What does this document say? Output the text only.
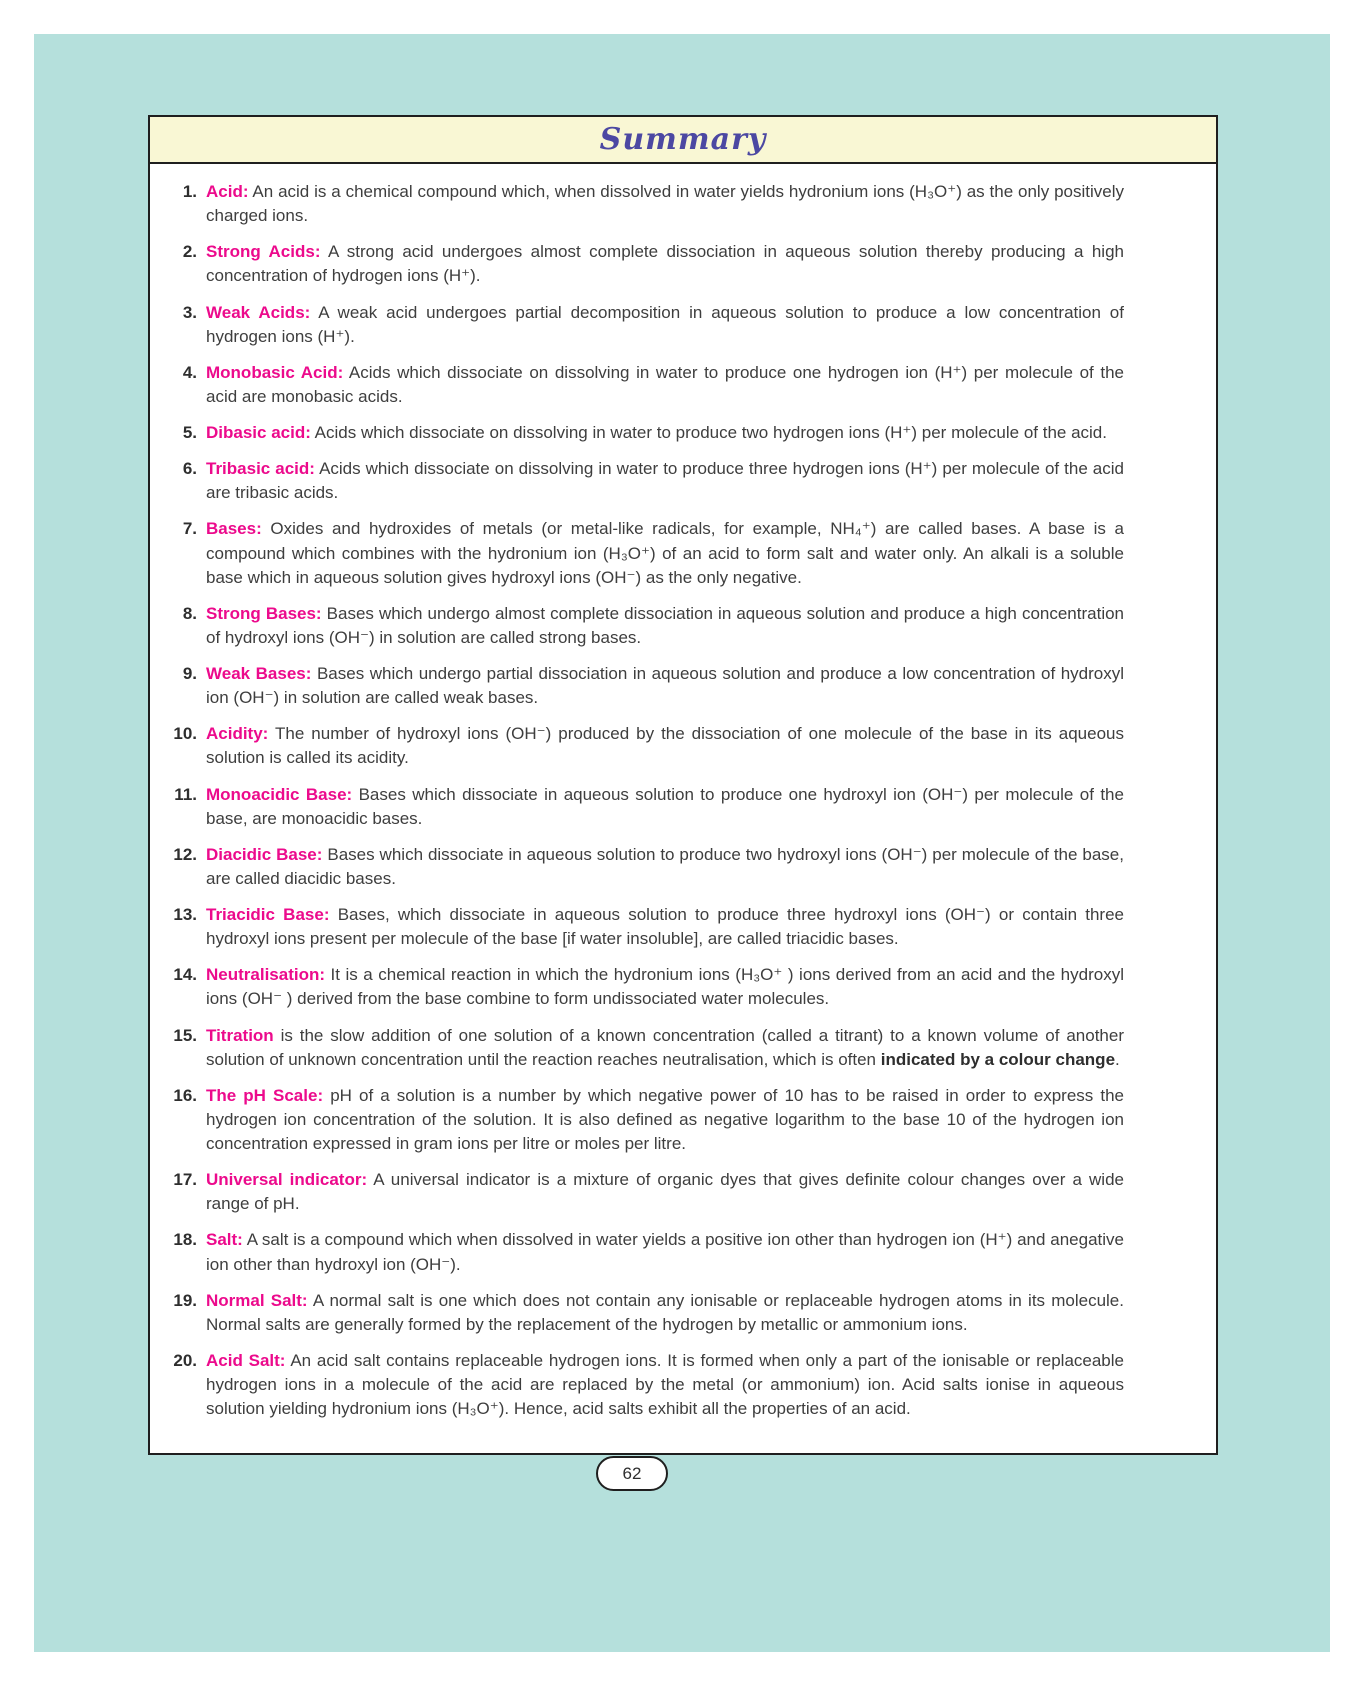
Summary
1. Acid: An acid is a chemical compound which, when dissolved in water yields hydronium ions (H₃O⁺) as the only positively charged ions.
2. Strong Acids: A strong acid undergoes almost complete dissociation in aqueous solution thereby producing a high concentration of hydrogen ions (H⁺).
3. Weak Acids: A weak acid undergoes partial decomposition in aqueous solution to produce a low concentration of hydrogen ions (H⁺).
4. Monobasic Acid: Acids which dissociate on dissolving in water to produce one hydrogen ion (H⁺) per molecule of the acid are monobasic acids.
5. Dibasic acid: Acids which dissociate on dissolving in water to produce two hydrogen ions (H⁺) per molecule of the acid.
6. Tribasic acid: Acids which dissociate on dissolving in water to produce three hydrogen ions (H⁺) per molecule of the acid are tribasic acids.
7. Bases: Oxides and hydroxides of metals (or metal-like radicals, for example, NH₄⁺) are called bases. A base is a compound which combines with the hydronium ion (H₃O⁺) of an acid to form salt and water only. An alkali is a soluble base which in aqueous solution gives hydroxyl ions (OH⁻) as the only negative.
8. Strong Bases: Bases which undergo almost complete dissociation in aqueous solution and produce a high concentration of hydroxyl ions (OH⁻) in solution are called strong bases.
9. Weak Bases: Bases which undergo partial dissociation in aqueous solution and produce a low concentration of hydroxyl ion (OH⁻) in solution are called weak bases.
10. Acidity: The number of hydroxyl ions (OH⁻) produced by the dissociation of one molecule of the base in its aqueous solution is called its acidity.
11. Monoacidic Base: Bases which dissociate in aqueous solution to produce one hydroxyl ion (OH⁻) per molecule of the base, are monoacidic bases.
12. Diacidic Base: Bases which dissociate in aqueous solution to produce two hydroxyl ions (OH⁻) per molecule of the base, are called diacidic bases.
13. Triacidic Base: Bases, which dissociate in aqueous solution to produce three hydroxyl ions (OH⁻) or contain three hydroxyl ions present per molecule of the base [if water insoluble], are called triacidic bases.
14. Neutralisation: It is a chemical reaction in which the hydronium ions (H₃O⁺ ) ions derived from an acid and the hydroxyl ions (OH⁻ ) derived from the base combine to form undissociated water molecules.
15. Titration is the slow addition of one solution of a known concentration (called a titrant) to a known volume of another solution of unknown concentration until the reaction reaches neutralisation, which is often indicated by a colour change.
16. The pH Scale: pH of a solution is a number by which negative power of 10 has to be raised in order to express the hydrogen ion concentration of the solution. It is also defined as negative logarithm to the base 10 of the hydrogen ion concentration expressed in gram ions per litre or moles per litre.
17. Universal indicator: A universal indicator is a mixture of organic dyes that gives definite colour changes over a wide range of pH.
18. Salt: A salt is a compound which when dissolved in water yields a positive ion other than hydrogen ion (H⁺) and anegative ion other than hydroxyl ion (OH⁻).
19. Normal Salt: A normal salt is one which does not contain any ionisable or replaceable hydrogen atoms in its molecule. Normal salts are generally formed by the replacement of the hydrogen by metallic or ammonium ions.
20. Acid Salt: An acid salt contains replaceable hydrogen ions. It is formed when only a part of the ionisable or replaceable hydrogen ions in a molecule of the acid are replaced by the metal (or ammonium) ion. Acid salts ionise in aqueous solution yielding hydronium ions (H₃O⁺). Hence, acid salts exhibit all the properties of an acid.
62
